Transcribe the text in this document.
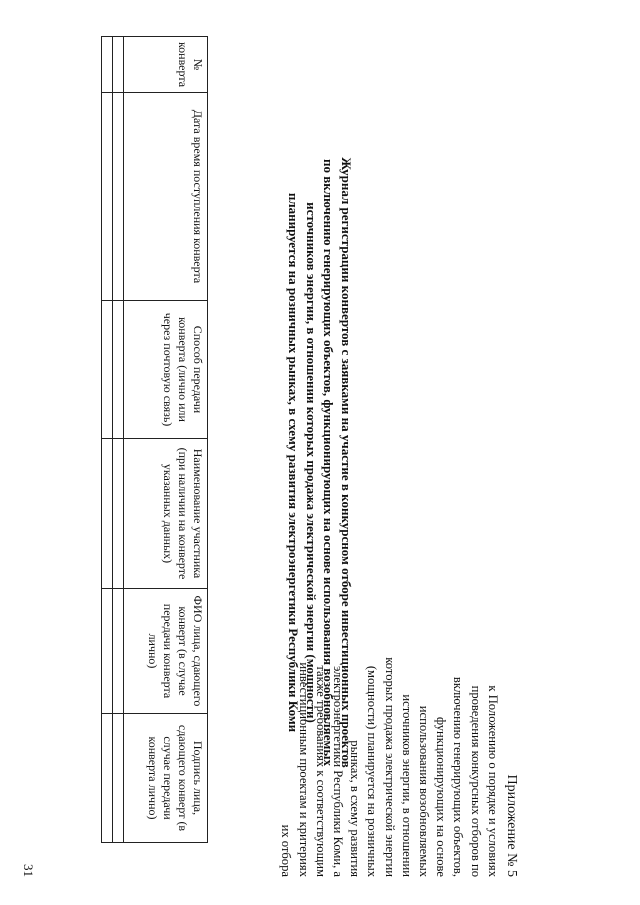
Приложение № 5
к Положению о порядке и условиях
проведения конкурсных отборов по
включению генерирующих объектов,
функционирующих на основе
использования возобновляемых
источников энергии, в отношении
которых продажа электрической энергии
(мощности) планируется на розничных
рынках, в схему развития
электроэнергетики Республики Коми, а
также требованиях к соответствующим
инвестиционным проектам и критериях
их отбора
Журнал регистрации конвертов с заявками на участие в конкурсном отборе инвестиционных проектов
по включению генерирующих объектов, функционирующих на основе использования возобновляемых
источников энергии, в отношении которых продажа электрической энергии (мощности)
планируется на розничных рынках, в схему развития электроэнергетики Республики Коми
№ конверта	Дата время поступления конверта	Способ передачи конверта (лично или через почтовую связь)	Наименование участника (при наличии на конверте указанных данных)	ФИО лица, сдающего конверт (в случае передачи конверта лично)	Подпись лица, сдающего конверт (в случае передачи конверта лично)

31
